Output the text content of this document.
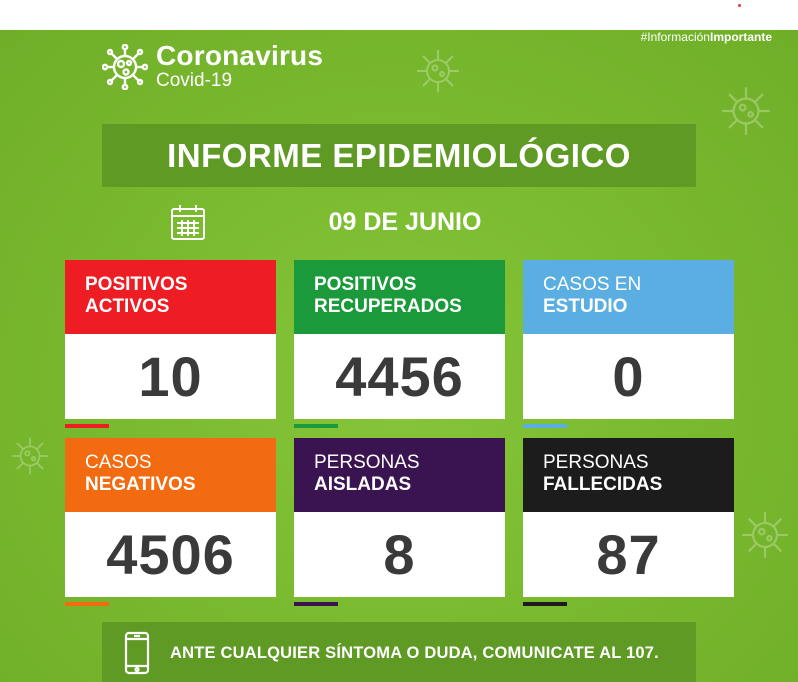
#InformaciónImportante
Coronavirus
Covid-19
INFORME EPIDEMIOLÓGICO
09 DE JUNIO
POSITIVOS
ACTIVOS
10
POSITIVOS
RECUPERADOS
4456
CASOS EN
ESTUDIO
0
CASOS
NEGATIVOS
4506
PERSONAS
AISLADAS
8
PERSONAS
FALLECIDAS
87
ANTE CUALQUIER SÍNTOMA O DUDA, COMUNICATE AL 107.
